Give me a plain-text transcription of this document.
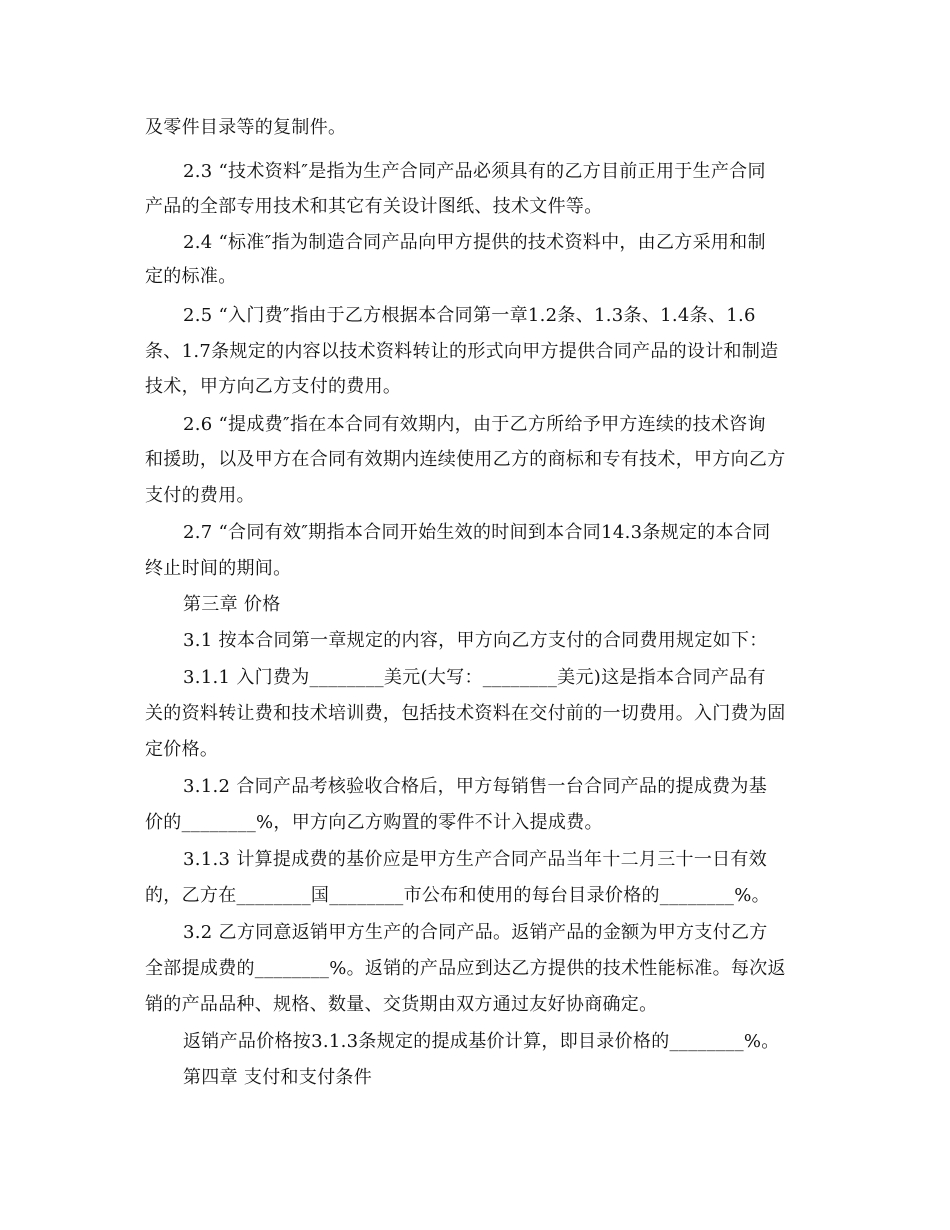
及零件目录等的复制件。
2.3 “技术资料″是指为生产合同产品必须具有的乙方目前正用于生产合同
产品的全部专用技术和其它有关设计图纸、技术文件等。
2.4 “标准″指为制造合同产品向甲方提供的技术资料中，由乙方采用和制
定的标准。
2.5 “入门费″指由于乙方根据本合同第一章1.2条、1.3条、1.4条、1.6
条、1.7条规定的内容以技术资料转让的形式向甲方提供合同产品的设计和制造
技术，甲方向乙方支付的费用。
2.6 “提成费″指在本合同有效期内，由于乙方所给予甲方连续的技术咨询
和援助，以及甲方在合同有效期内连续使用乙方的商标和专有技术，甲方向乙方
支付的费用。
2.7 “合同有效″期指本合同开始生效的时间到本合同14.3条规定的本合同
终止时间的期间。
第三章 价格
3.1 按本合同第一章规定的内容，甲方向乙方支付的合同费用规定如下：
3.1.1 入门费为________美元(大写：________美元)这是指本合同产品有
关的资料转让费和技术培训费，包括技术资料在交付前的一切费用。入门费为固
定价格。
3.1.2 合同产品考核验收合格后，甲方每销售一台合同产品的提成费为基
价的________%，甲方向乙方购置的零件不计入提成费。
3.1.3 计算提成费的基价应是甲方生产合同产品当年十二月三十一日有效
的，乙方在________国________市公布和使用的每台目录价格的________%。
3.2 乙方同意返销甲方生产的合同产品。返销产品的金额为甲方支付乙方
全部提成费的________%。返销的产品应到达乙方提供的技术性能标准。每次返
销的产品品种、规格、数量、交货期由双方通过友好协商确定。
返销产品价格按3.1.3条规定的提成基价计算，即目录价格的________%。
第四章 支付和支付条件
